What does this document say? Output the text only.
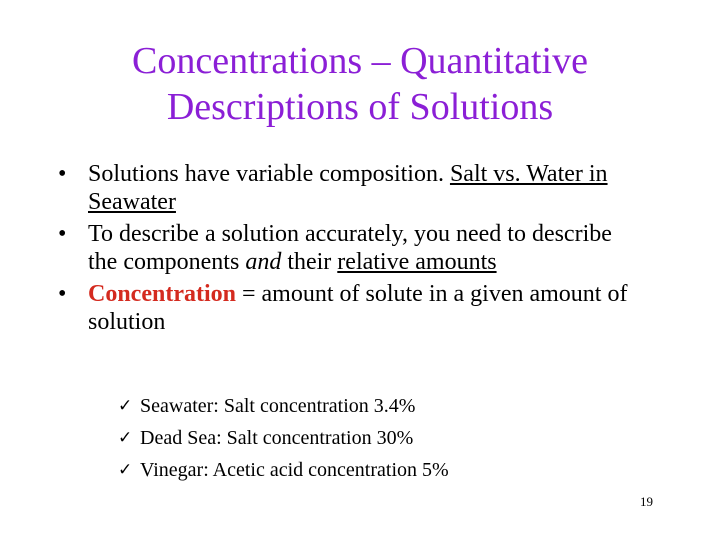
Concentrations – Quantitative
Descriptions of Solutions
• Solutions have variable composition. Salt vs. Water in Seawater
• To describe a solution accurately, you need to describe the components and their relative amounts
• Concentration = amount of solute in a given amount of solution
✓ Seawater: Salt concentration 3.4%
✓ Dead Sea: Salt concentration 30%
✓ Vinegar: Acetic acid concentration 5%
19
